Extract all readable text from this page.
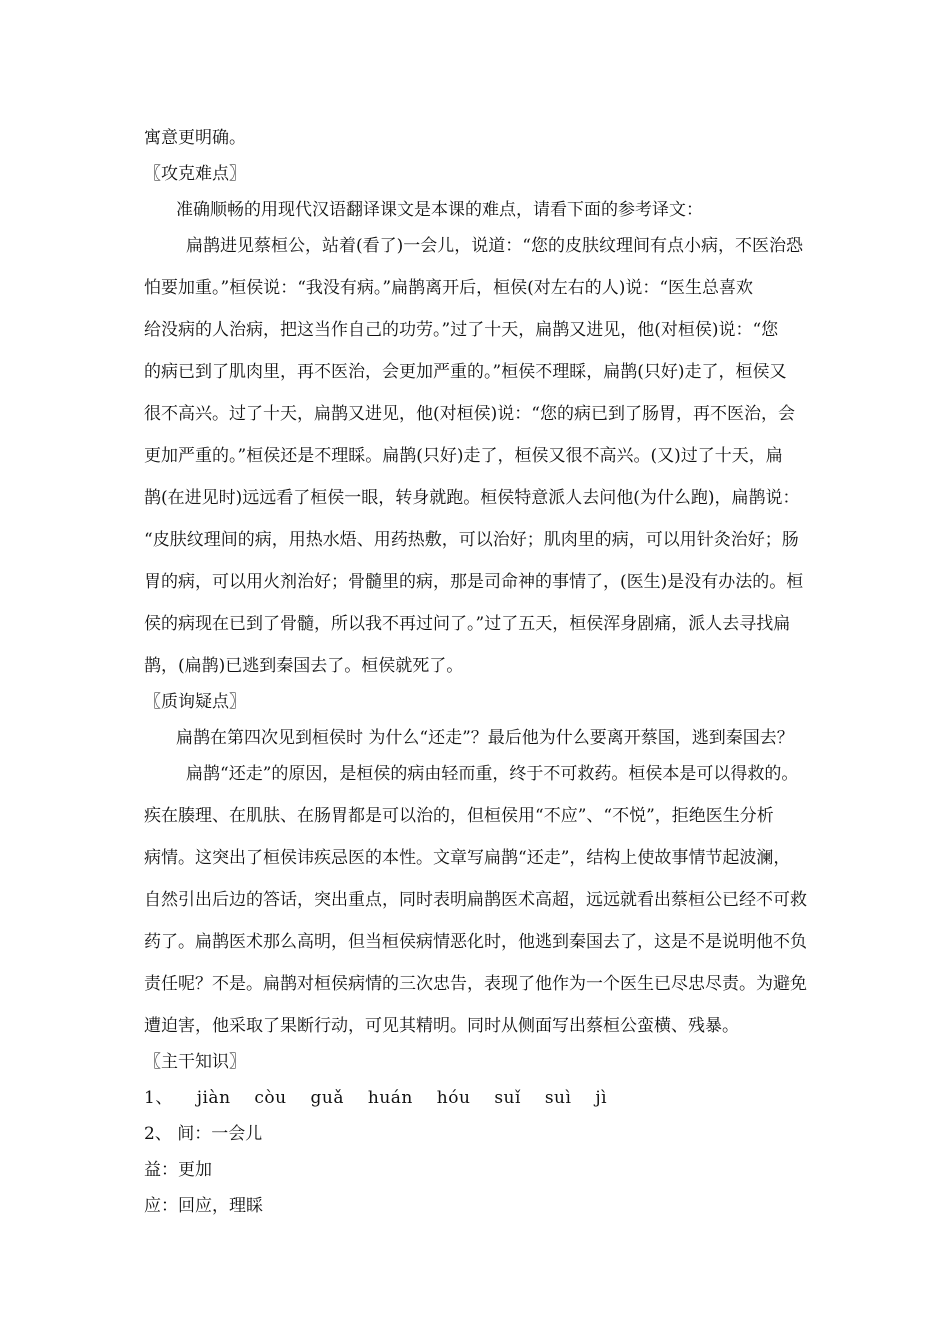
寓意更明确。
〖攻克难点〗
准确顺畅的用现代汉语翻译课文是本课的难点，请看下面的参考译文：
扁鹊进见蔡桓公，站着(看了)一会儿，说道：“您的皮肤纹理间有点小病，不医治恐
怕要加重。”桓侯说：“我没有病。”扁鹊离开后，桓侯(对左右的人)说：“医生总喜欢
给没病的人治病，把这当作自己的功劳。”过了十天，扁鹊又进见，他(对桓侯)说：“您
的病已到了肌肉里，再不医治，会更加严重的。”桓侯不理睬，扁鹊(只好)走了，桓侯又
很不高兴。过了十天，扁鹊又进见，他(对桓侯)说：“您的病已到了肠胃，再不医治，会
更加严重的。”桓侯还是不理睬。扁鹊(只好)走了，桓侯又很不高兴。(又)过了十天，扁
鹊(在进见时)远远看了桓侯一眼，转身就跑。桓侯特意派人去问他(为什么跑)，扁鹊说：
“皮肤纹理间的病，用热水焐、用药热敷，可以治好；肌肉里的病，可以用针灸治好；肠
胃的病，可以用火剂治好；骨髓里的病，那是司命神的事情了，(医生)是没有办法的。桓
侯的病现在已到了骨髓，所以我不再过问了。”过了五天，桓侯浑身剧痛，派人去寻找扁
鹊，(扁鹊)已逃到秦国去了。桓侯就死了。
〖质询疑点〗
扁鹊在第四次见到桓侯时 为什么“还走”？最后他为什么要离开蔡国，逃到秦国去？
扁鹊“还走”的原因，是桓侯的病由轻而重，终于不可救药。桓侯本是可以得救的。
疾在腠理、在肌肤、在肠胃都是可以治的，但桓侯用“不应”、“不悦”，拒绝医生分析
病情。这突出了桓侯讳疾忌医的本性。文章写扁鹊“还走”，结构上使故事情节起波澜，
自然引出后边的答话，突出重点，同时表明扁鹊医术高超，远远就看出蔡桓公已经不可救
药了。扁鹊医术那么高明，但当桓侯病情恶化时，他逃到秦国去了，这是不是说明他不负
责任呢？不是。扁鹊对桓侯病情的三次忠告，表现了他作为一个医生已尽忠尽责。为避免
遭迫害，他采取了果断行动，可见其精明。同时从侧面写出蔡桓公蛮横、残暴。
〖主干知识〗
1、 jiàn còu guǎ huán hóu suǐ suì jì
2、 间：一会儿
益：更加
应：回应，理睬
